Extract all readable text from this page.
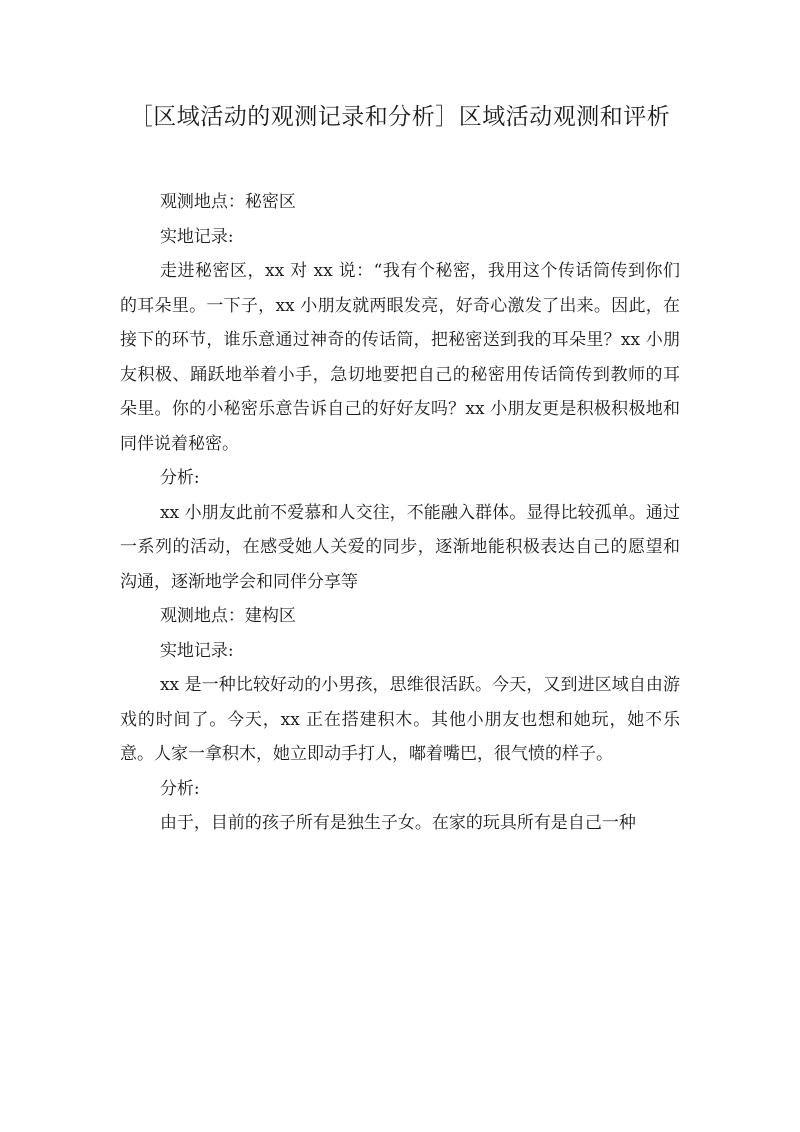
［区域活动的观测记录和分析］区域活动观测和评析

观测地点：秘密区

实地记录:

走进秘密区，xx 对 xx 说：“我有个秘密，我用这个传话筒传到你们的耳朵里。一下子，xx 小朋友就两眼发亮，好奇心激发了出来。因此，在接下的环节，谁乐意通过神奇的传话筒，把秘密送到我的耳朵里？xx 小朋友积极、踊跃地举着小手，急切地要把自己的秘密用传话筒传到教师的耳朵里。你的小秘密乐意告诉自己的好好友吗？xx 小朋友更是积极积极地和同伴说着秘密。

分析:

xx 小朋友此前不爱慕和人交往，不能融入群体。显得比较孤单。通过一系列的活动，在感受她人关爱的同步，逐渐地能积极表达自己的愿望和沟通，逐渐地学会和同伴分享等

观测地点：建构区

实地记录:

xx 是一种比较好动的小男孩，思维很活跃。今天，又到进区域自由游戏的时间了。今天，xx 正在搭建积木。其他小朋友也想和她玩，她不乐意。人家一拿积木，她立即动手打人，嘟着嘴巴，很气愤的样子。

分析:

由于，目前的孩子所有是独生子女。在家的玩具所有是自己一种
